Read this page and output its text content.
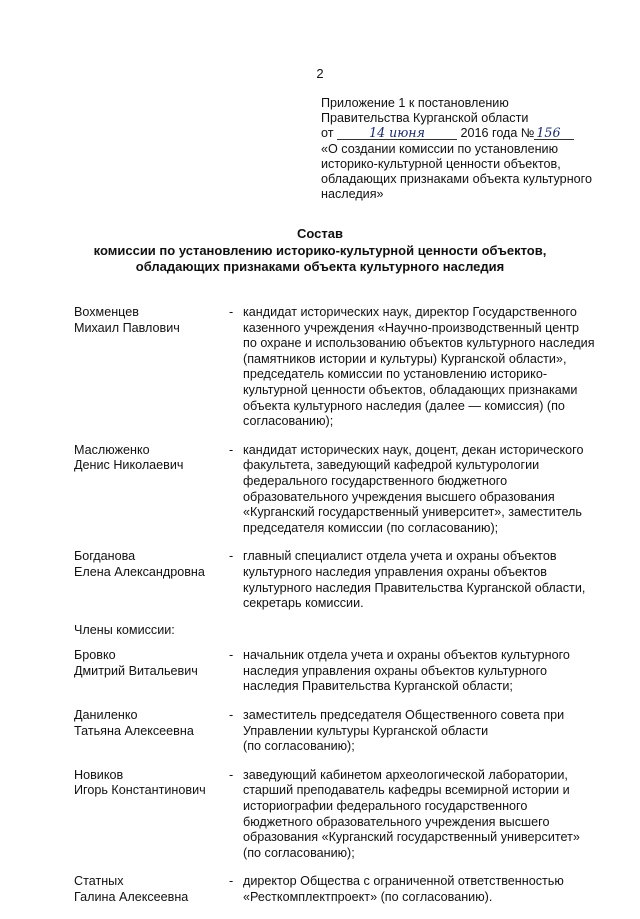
2
Приложение 1 к постановлению
Правительства Курганской области
от	14 июня	2016 года № 156
«О создании комиссии по установлению
историко-культурной ценности объектов,
обладающих признаками объекта культурного
наследия»
Состав
комиссии по установлению историко-культурной ценности объектов,
обладающих признаками объекта культурного наследия
Вохменцев
Михаил Павлович
- кандидат исторических наук, директор Государственного
казенного учреждения «Научно-производственный центр
по охране и использованию объектов культурного наследия
(памятников истории и культуры) Курганской области»,
председатель комиссии по установлению историко-
культурной ценности объектов, обладающих признаками
объекта культурного наследия (далее — комиссия) (по
согласованию);
Маслюженко
Денис Николаевич
- кандидат исторических наук, доцент, декан исторического
факультета, заведующий кафедрой культурологии
федерального государственного бюджетного
образовательного учреждения высшего образования
«Курганский государственный университет», заместитель
председателя комиссии (по согласованию);
Богданова
Елена Александровна
- главный специалист отдела учета и охраны объектов
культурного наследия управления охраны объектов
культурного наследия Правительства Курганской области,
секретарь комиссии.
Члены комиссии:
Бровко
Дмитрий Витальевич
- начальник отдела учета и охраны объектов культурного
наследия управления охраны объектов культурного
наследия Правительства Курганской области;
Даниленко
Татьяна Алексеевна
- заместитель председателя Общественного совета при
Управлении культуры Курганской области
(по согласованию);
Новиков
Игорь Константинович
- заведующий кабинетом археологической лаборатории,
старший преподаватель кафедры всемирной истории и
историографии федерального государственного
бюджетного образовательного учреждения высшего
образования «Курганский государственный университет»
(по согласованию);
Статных
Галина Алексеевна
- директор Общества с ограниченной ответственностью
«Ресткомплектпроект» (по согласованию).
